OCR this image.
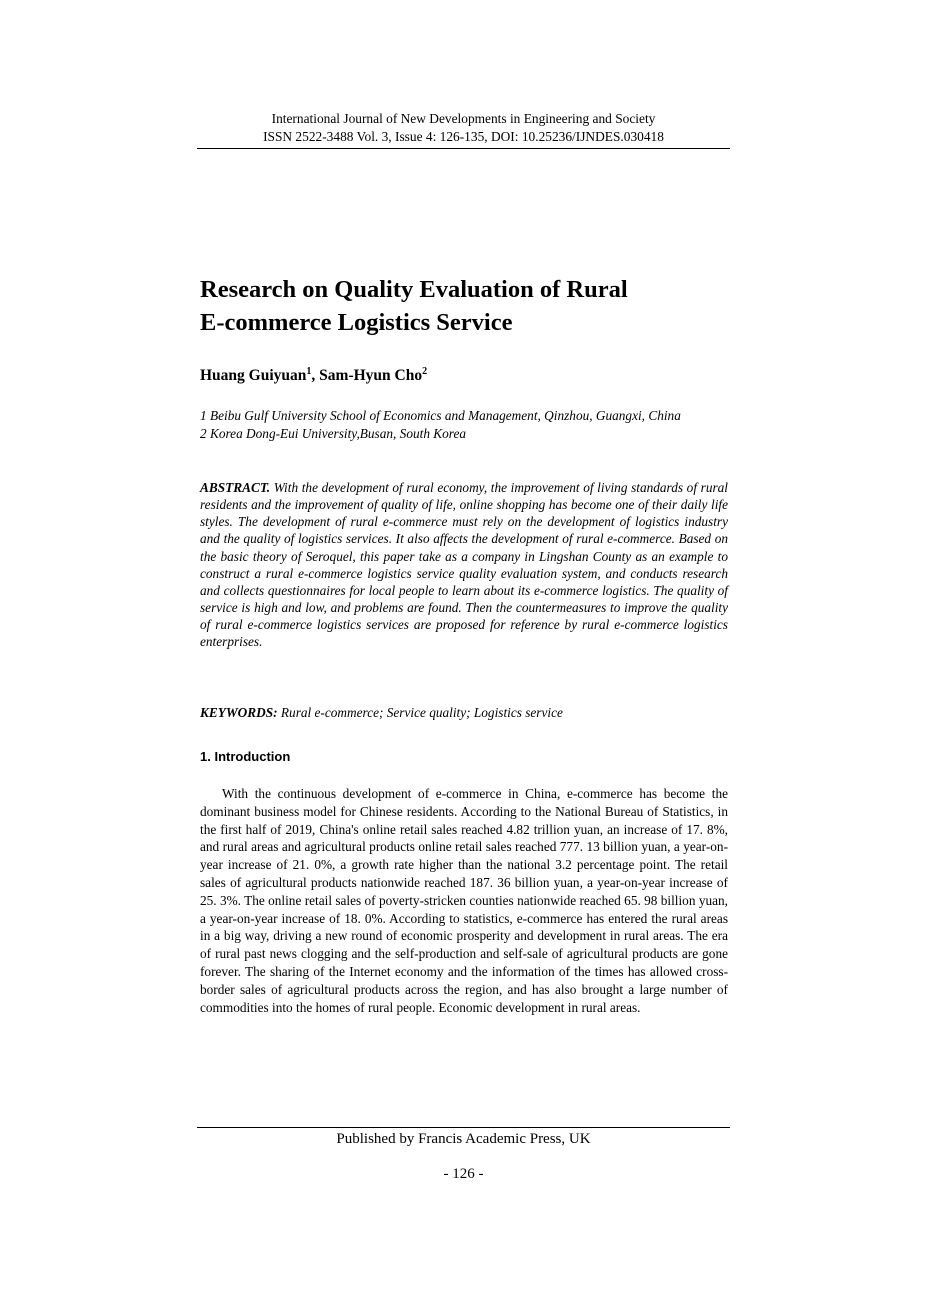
International Journal of New Developments in Engineering and Society
ISSN 2522-3488 Vol. 3, Issue 4: 126-135, DOI: 10.25236/IJNDES.030418
Research on Quality Evaluation of Rural
E-commerce Logistics Service

Huang Guiyuan$^1$, Sam-Hyun Cho$^2$

1 Beibu Gulf University School of Economics and Management, Qinzhou, Guangxi, China
2 Korea Dong-Eui University,Busan, South Korea

ABSTRACT. With the development of rural economy, the improvement of living standards of rural residents and the improvement of quality of life, online shopping has become one of their daily life styles. The development of rural e-commerce must rely on the development of logistics industry and the quality of logistics services. It also affects the development of rural e-commerce. Based on the basic theory of Seroquel, this paper take as a company in Lingshan County as an example to construct a rural e-commerce logistics service quality evaluation system, and conducts research and collects questionnaires for local people to learn about its e-commerce logistics. The quality of service is high and low, and problems are found. Then the countermeasures to improve the quality of rural e-commerce logistics services are proposed for reference by rural e-commerce logistics enterprises.

KEYWORDS: Rural e-commerce; Service quality; Logistics service

1. Introduction

With the continuous development of e-commerce in China, e-commerce has become the dominant business model for Chinese residents. According to the National Bureau of Statistics, in the first half of 2019, China's online retail sales reached 4.82 trillion yuan, an increase of 17. 8%, and rural areas and agricultural products online retail sales reached 777. 13 billion yuan, a year-on-year increase of 21. 0%, a growth rate higher than the national 3.2 percentage point. The retail sales of agricultural products nationwide reached 187. 36 billion yuan, a year-on-year increase of 25. 3%. The online retail sales of poverty-stricken counties nationwide reached 65. 98 billion yuan, a year-on-year increase of 18. 0%. According to statistics, e-commerce has entered the rural areas in a big way, driving a new round of economic prosperity and development in rural areas. The era of rural past news clogging and the self-production and self-sale of agricultural products are gone forever. The sharing of the Internet economy and the information of the times has allowed cross-border sales of agricultural products across the region, and has also brought a large number of commodities into the homes of rural people. Economic development in rural areas.

Published by Francis Academic Press, UK
- 126 -
